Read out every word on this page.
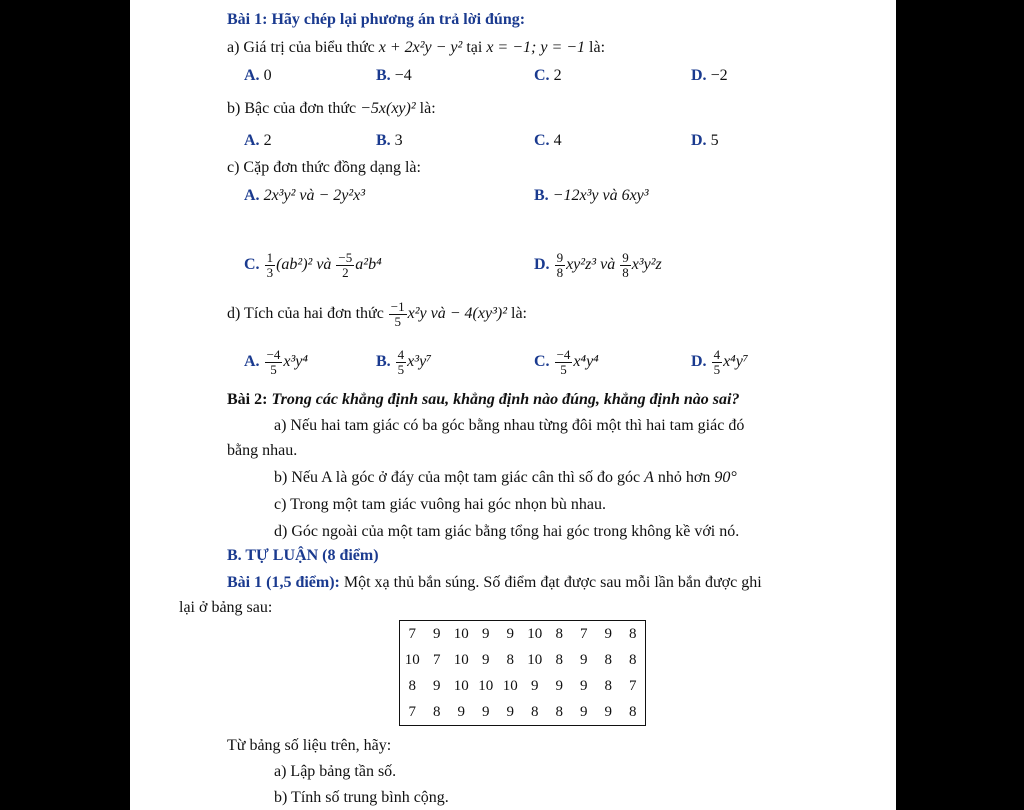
Bài 1: Hãy chép lại phương án trả lời đúng:
a) Giá trị của biểu thức x + 2x²y − y² tại x = −1; y = −1 là:
A. 0	B. −4	C. 2	D. −2
b) Bậc của đơn thức −5x(xy)² là:
A. 2	B. 3	C. 4	D. 5
c) Cặp đơn thức đồng dạng là:
A. 2x³y² và − 2y²x³	B. −12x³y và 6xy³
C. $\frac{1}{3} (ab^2)^2$ và $\frac{-5}{2} a^2b^4$	D. $\frac{9}{8} xy^2z^3$ và $\frac{9}{8} x^3y^2z$
d) Tích của hai đơn thức $\frac{-1}{5} x^2y$ và − 4(xy³)² là:
A. $\frac{-4}{5} x^3y^4$	B. $\frac{4}{5} x^3y^7$	C. $\frac{-4}{5} x^4y^4$	D. $\frac{4}{5} x^4y^7$
Bài 2: Trong các khẳng định sau, khẳng định nào đúng, khẳng định nào sai?
a) Nếu hai tam giác có ba góc bằng nhau từng đôi một thì hai tam giác đó
bằng nhau.
b) Nếu A là góc ở đáy của một tam giác cân thì số đo góc A nhỏ hơn 90°
c) Trong một tam giác vuông hai góc nhọn bù nhau.
d) Góc ngoài của một tam giác bằng tổng hai góc trong không kề với nó.
B. TỰ LUẬN (8 điểm)
Bài 1 (1,5 điểm): Một xạ thủ bắn súng. Số điểm đạt được sau mỗi lần bắn được ghi
lại ở bảng sau:
7	9	10	9	9	10	8	7	9	8
10	7	10	9	8	10	8	9	8	8
8	9	10	10	10	9	9	9	8	7
7	8	9	9	9	8	8	9	9	8
Từ bảng số liệu trên, hãy:
a) Lập bảng tần số.
b) Tính số trung bình cộng.
